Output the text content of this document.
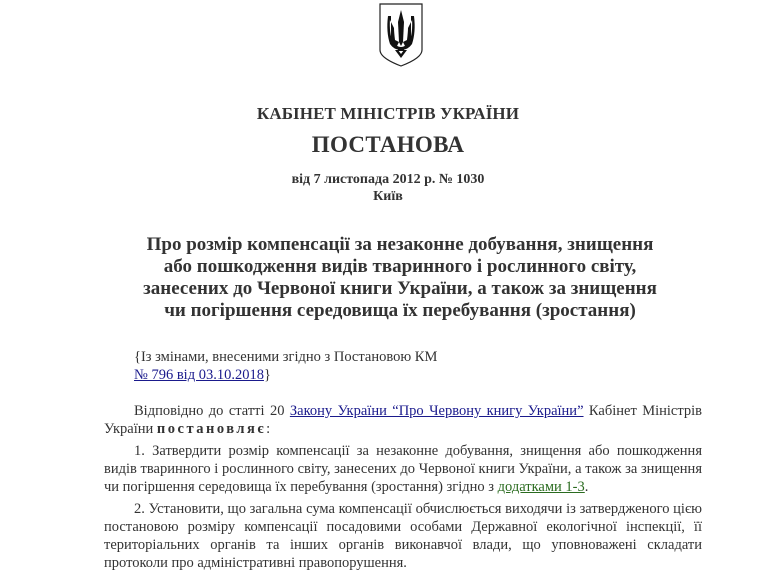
КАБІНЕТ МІНІСТРІВ УКРАЇНИ
ПОСТАНОВА
від 7 листопада 2012 р. № 1030
Київ
Про розмір компенсації за незаконне добування, знищення
або пошкодження видів тваринного і рослинного світу,
занесених до Червоної книги України, а також за знищення
чи погіршення середовища їх перебування (зростання)
{Із змінами, внесеними згідно з Постановою КМ
№ 796 від 03.10.2018}
Відповідно до статті 20 Закону України “Про Червону книгу України” Кабінет Міністрів України постановляє:
1. Затвердити розмір компенсації за незаконне добування, знищення або пошкодження видів тваринного і рослинного світу, занесених до Червоної книги України, а також за знищення чи погіршення середовища їх перебування (зростання) згідно з додатками 1-3.
2. Установити, що загальна сума компенсації обчислюється виходячи із затвердженого цією постановою розміру компенсації посадовими особами Державної екологічної інспекції, її територіальних органів та інших органів виконавчої влади, що уповноважені складати протоколи про адміністративні правопорушення.
